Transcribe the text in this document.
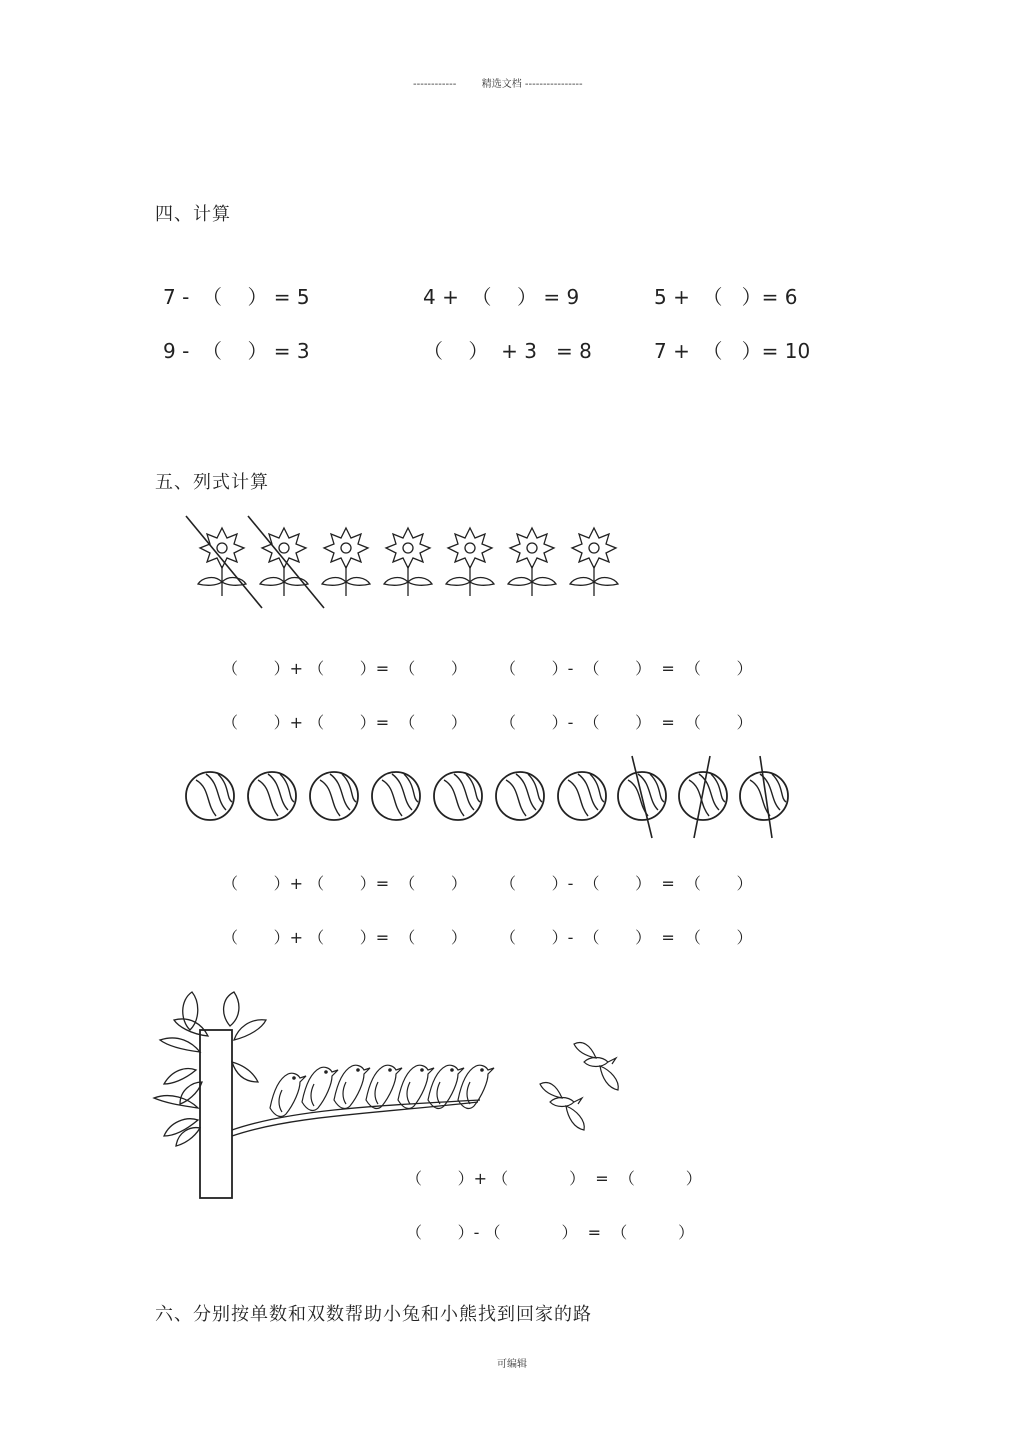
------------        精选文档 ----------------
可编辑
四、计算
7 -  （    ） = 5	4 +  （    ） = 9	5 +  （   ）= 6
9 -  （    ） = 3	（    ）  + 3   = 8	7 +  （   ）= 10
五、列式计算
（       ）+ （       ）=  （       ） （       ）-  （       ）  =  （       ）
（       ）+ （       ）=  （       ） （       ）-  （       ）  =  （       ）
（       ）+ （       ）=  （       ） （       ）-  （       ）  =  （       ）
（       ）+ （       ）=  （       ） （       ）-  （       ）  =  （       ）
（       ）+ （            ）  =  （          ）
（       ）- （            ）  =  （          ）
六、分别按单数和双数帮助小兔和小熊找到回家的路
